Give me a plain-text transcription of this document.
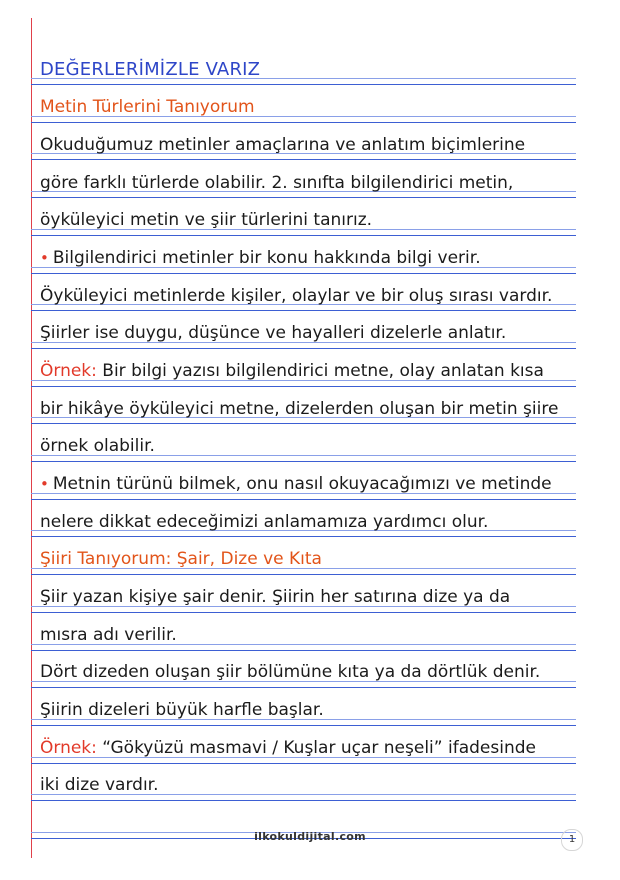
DEĞERLERİMİZLE VARIZ
Metin Türlerini Tanıyorum
Okuduğumuz metinler amaçlarına ve anlatım biçimlerine
göre farklı türlerde olabilir. 2. sınıfta bilgilendirici metin,
öyküleyici metin ve şiir türlerini tanırız.
• Bilgilendirici metinler bir konu hakkında bilgi verir.
Öyküleyici metinlerde kişiler, olaylar ve bir oluş sırası vardır.
Şiirler ise duygu, düşünce ve hayalleri dizelerle anlatır.
Örnek: Bir bilgi yazısı bilgilendirici metne, olay anlatan kısa
bir hikâye öyküleyici metne, dizelerden oluşan bir metin şiire
örnek olabilir.
• Metnin türünü bilmek, onu nasıl okuyacağımızı ve metinde
nelere dikkat edeceğimizi anlamamıza yardımcı olur.
Şiiri Tanıyorum: Şair, Dize ve Kıta
Şiir yazan kişiye şair denir. Şiirin her satırına dize ya da
mısra adı verilir.
Dört dizeden oluşan şiir bölümüne kıta ya da dörtlük denir.
Şiirin dizeleri büyük harfle başlar.
Örnek: “Gökyüzü masmavi / Kuşlar uçar neşeli” ifadesinde
iki dize vardır.
ilkokuldijital.com	1
